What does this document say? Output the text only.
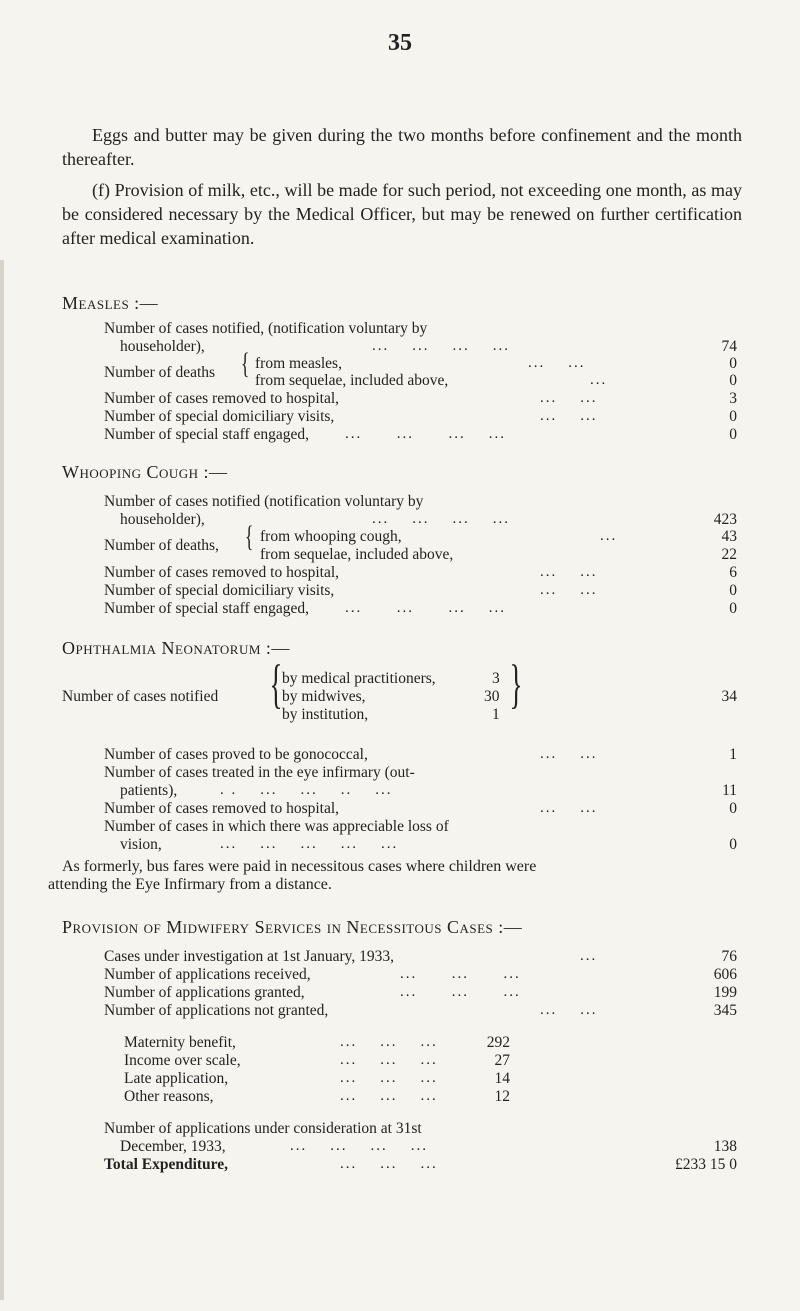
35
Eggs and butter may be given during the two months before confinement and the month thereafter.
(f) Provision of milk, etc., will be made for such period, not exceeding one month, as may be considered necessary by the Medical Officer, but may be renewed on further certification after medical examination.
Measles :—
Number of cases notified, (notification voluntary by
householder),	...    ...    ...    ...	74
Number of deaths { from measles,	...    ...	0
from sequelae, included above,	...	0
Number of cases removed to hospital,	...    ...	3
Number of special domiciliary visits,	...    ...	0
Number of special staff engaged, ...      ...      ...    ...	0
Whooping Cough :—
Number of cases notified (notification voluntary by
householder),	...    ...    ...    ...	423
Number of deaths, { from whooping cough,	...	43
from sequelae, included above,	22
Number of cases removed to hospital,	...    ...	6
Number of special domiciliary visits,	...    ...	0
Number of special staff engaged, ...      ...      ...    ...	0
Ophthalmia Neonatorum :—
Number of cases notified { by medical practitioners,	3
by midwives,	30
by institution,	1
{	34
Number of cases proved to be gonococcal,	...    ...	1
Number of cases treated in the eye infirmary (out-
patients),	. .    ...    ...    ..    ...	11
Number of cases removed to hospital,	...    ...	0
Number of cases in which there was appreciable loss of
vision,	...    ...    ...    ...    ...	0
As formerly, bus fares were paid in necessitous cases where children were
attending the Eye Infirmary from a distance.
Provision of Midwifery Services in Necessitous Cases :—
Cases under investigation at 1st January, 1933,	...	76
Number of applications received,	...      ...      ...	606
Number of applications granted,	...      ...      ...	199
Number of applications not granted,	...    ...	345
Maternity benefit,	...    ...    ...	292
Income over scale,	...    ...    ...	27
Late application,	...    ...    ...	14
Other reasons,	...    ...    ...	12
Number of applications under consideration at 31st
December, 1933,	...    ...    ...    ...	138
Total Expenditure,	...    ...    ...	£233 15 0
